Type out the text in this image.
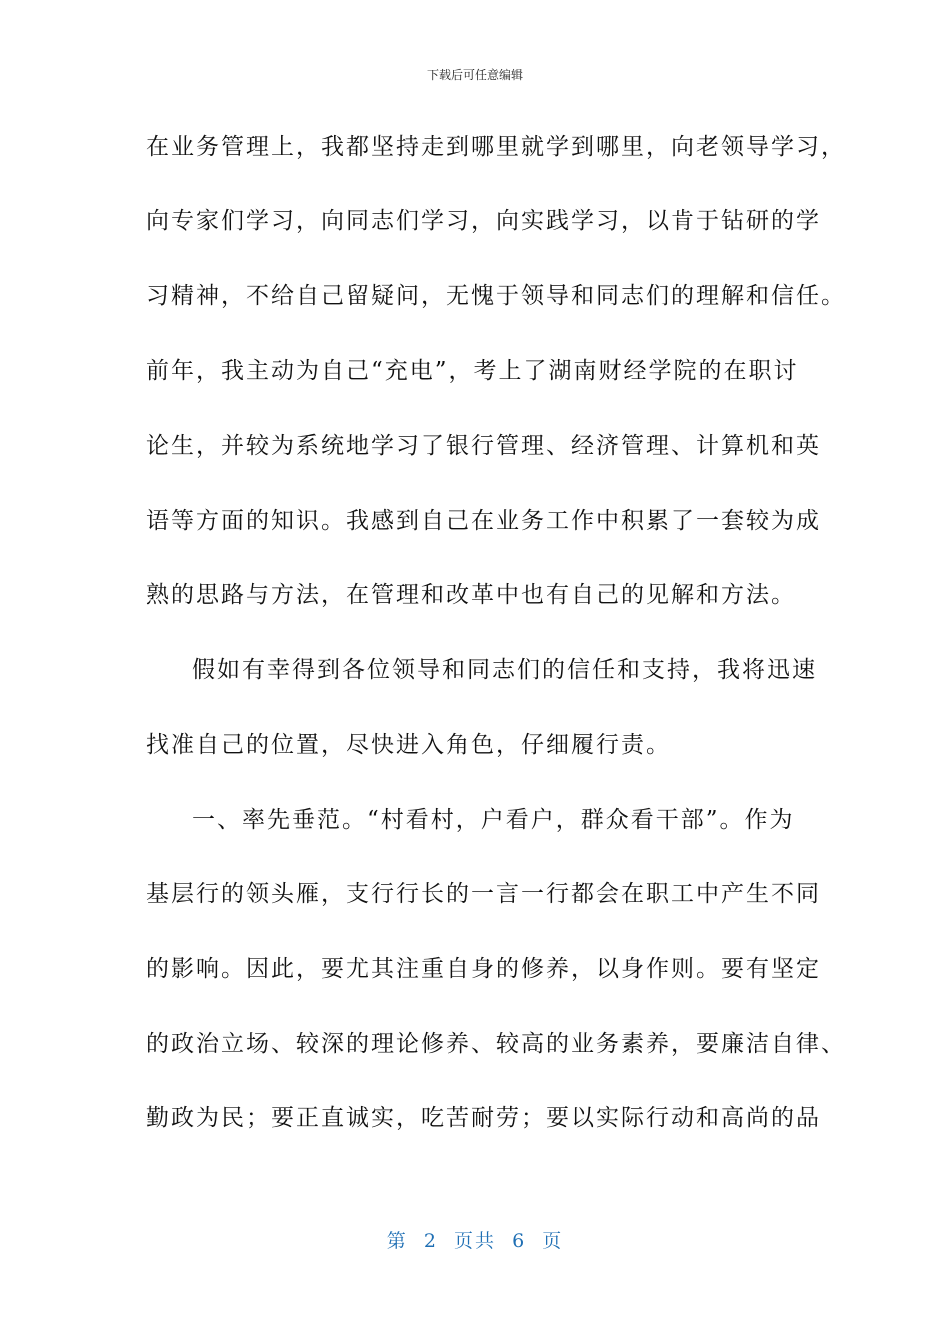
下载后可任意编辑
在业务管理上，我都坚持走到哪里就学到哪里，向老领导学习，
向专家们学习，向同志们学习，向实践学习，以肯于钻研的学
习精神，不给自己留疑问，无愧于领导和同志们的理解和信任。
前年，我主动为自己“充电”，考上了湖南财经学院的在职讨
论生，并较为系统地学习了银行管理、经济管理、计算机和英
语等方面的知识。我感到自己在业务工作中积累了一套较为成
熟的思路与方法，在管理和改革中也有自己的见解和方法。
假如有幸得到各位领导和同志们的信任和支持，我将迅速
找准自己的位置，尽快进入角色，仔细履行责。
一、率先垂范。“村看村，户看户，群众看干部”。作为
基层行的领头雁，支行行长的一言一行都会在职工中产生不同
的影响。因此，要尤其注重自身的修养，以身作则。要有坚定
的政治立场、较深的理论修养、较高的业务素养，要廉洁自律、
勤政为民；要正直诚实，吃苦耐劳；要以实际行动和高尚的品
第  2  页共  6  页
